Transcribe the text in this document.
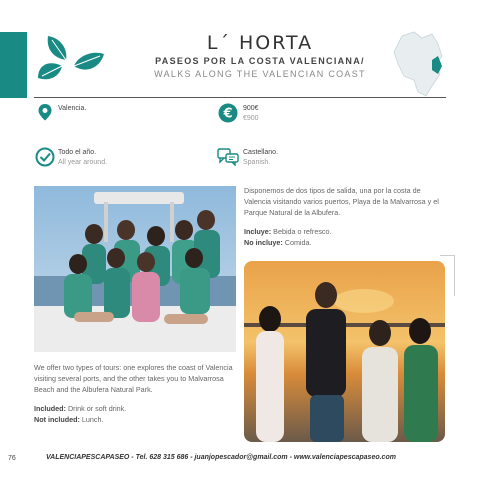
L´ HORTA
PASEOS POR LA COSTA VALENCIANA/
WALKS ALONG THE VALENCIAN COAST
Valencia.	€ 900€
€900
Todo el año.
All year around.
Castellano.
Spanish.
Disponemos de dos tipos de salida, una por la costa de Valencia visitando varios puertos, Playa de la Malvarrosa y el Parque Natural de la Albufera.
Incluye: Bebida o refresco.
No incluye: Comida.
We offer two types of tours: one explores the coast of Valencia visiting several ports, and the other takes you to Malvarrosa Beach and the Albufera Natural Park.
Included: Drink or soft drink.
Not included: Lunch.
76	VALENCIAPESCAPASEO - Tel. 628 315 686 - juanjopescador@gmail.com - www.valenciapescapaseo.com
